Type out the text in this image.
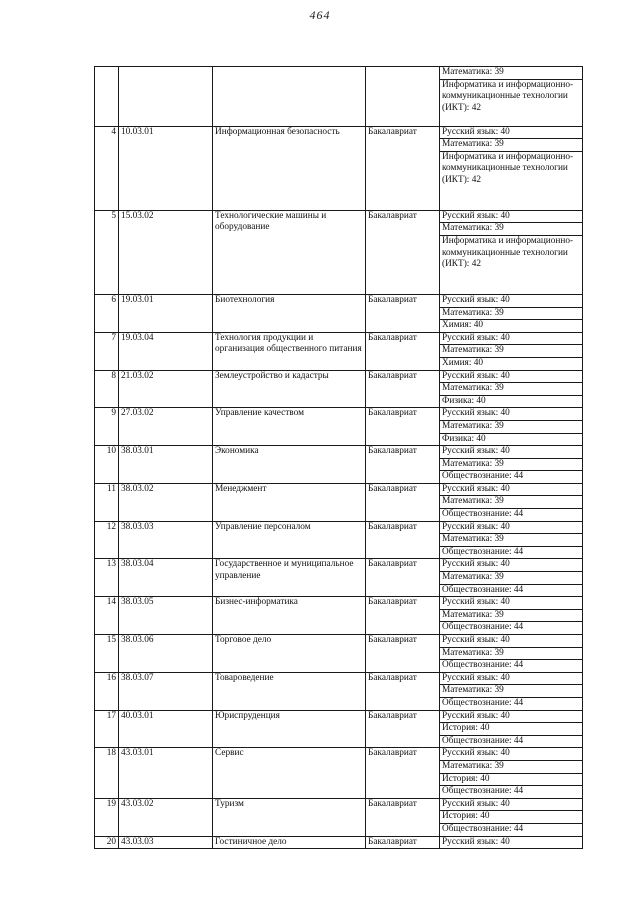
464
				Математика: 39
				Информатика и информационно-коммуникационные технологии (ИКТ): 42
4	10.03.01	Информационная безопасность	Бакалавриат	Русский язык: 40
				Математика: 39
				Информатика и информационно-коммуникационные технологии (ИКТ): 42
5	15.03.02	Технологические машины и оборудование	Бакалавриат	Русский язык: 40
				Математика: 39
				Информатика и информационно-коммуникационные технологии (ИКТ): 42
6	19.03.01	Биотехнология	Бакалавриат	Русский язык: 40
				Математика: 39
				Химия: 40
7	19.03.04	Технология продукции и организация общественного питания	Бакалавриат	Русский язык: 40
				Математика: 39
				Химия: 40
8	21.03.02	Землеустройство и кадастры	Бакалавриат	Русский язык: 40
				Математика: 39
				Физика: 40
9	27.03.02	Управление качеством	Бакалавриат	Русский язык: 40
				Математика: 39
				Физика: 40
10	38.03.01	Экономика	Бакалавриат	Русский язык: 40
				Математика: 39
				Обществознание: 44
11	38.03.02	Менеджмент	Бакалавриат	Русский язык: 40
				Математика: 39
				Обществознание: 44
12	38.03.03	Управление персоналом	Бакалавриат	Русский язык: 40
				Математика: 39
				Обществознание: 44
13	38.03.04	Государственное и муниципальное управление	Бакалавриат	Русский язык: 40
				Математика: 39
				Обществознание: 44
14	38.03.05	Бизнес-информатика	Бакалавриат	Русский язык: 40
				Математика: 39
				Обществознание: 44
15	38.03.06	Торговое дело	Бакалавриат	Русский язык: 40
				Математика: 39
				Обществознание: 44
16	38.03.07	Товароведение	Бакалавриат	Русский язык: 40
				Математика: 39
				Обществознание: 44
17	40.03.01	Юриспруденция	Бакалавриат	Русский язык: 40
				История: 40
				Обществознание: 44
18	43.03.01	Сервис	Бакалавриат	Русский язык: 40
				Математика: 39
				История: 40
				Обществознание: 44
19	43.03.02	Туризм	Бакалавриат	Русский язык: 40
				История: 40
				Обществознание: 44
20	43.03.03	Гостиничное дело	Бакалавриат	Русский язык: 40
